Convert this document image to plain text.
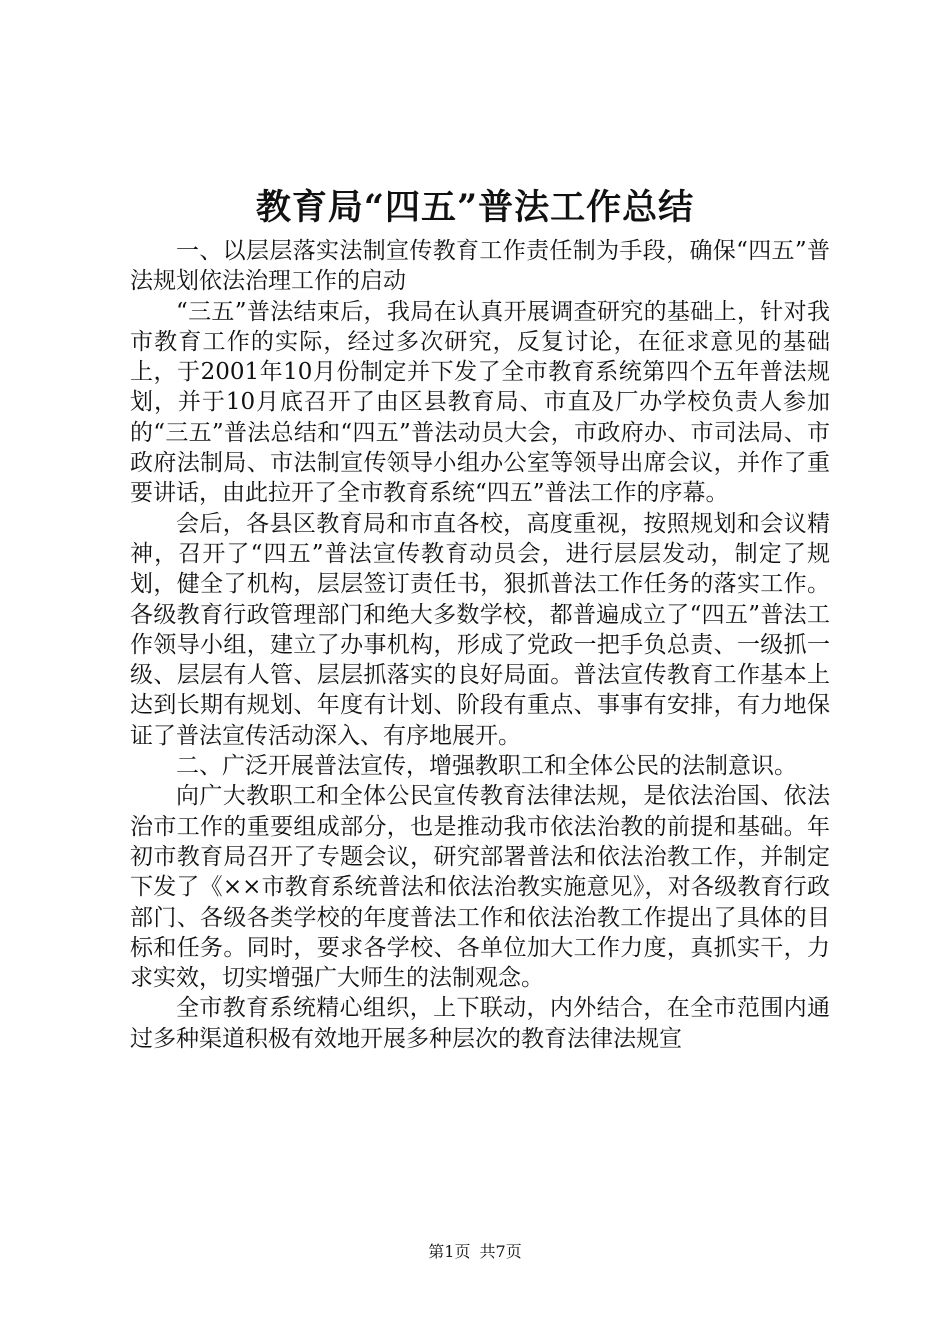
教育局“四五”普法工作总结

一、以层层落实法制宣传教育工作责任制为手段，确保“四五”普法规划依法治理工作的启动

“三五”普法结束后，我局在认真开展调查研究的基础上，针对我市教育工作的实际，经过多次研究，反复讨论，在征求意见的基础上，于2001年10月份制定并下发了全市教育系统第四个五年普法规划，并于10月底召开了由区县教育局、市直及厂办学校负责人参加的“三五”普法总结和“四五”普法动员大会，市政府办、市司法局、市政府法制局、市法制宣传领导小组办公室等领导出席会议，并作了重要讲话，由此拉开了全市教育系统“四五”普法工作的序幕。

会后，各县区教育局和市直各校，高度重视，按照规划和会议精神，召开了“四五”普法宣传教育动员会，进行层层发动，制定了规划，健全了机构，层层签订责任书，狠抓普法工作任务的落实工作。各级教育行政管理部门和绝大多数学校，都普遍成立了“四五”普法工作领导小组，建立了办事机构，形成了党政一把手负总责、一级抓一级、层层有人管、层层抓落实的良好局面。普法宣传教育工作基本上达到长期有规划、年度有计划、阶段有重点、事事有安排，有力地保证了普法宣传活动深入、有序地展开。

二、广泛开展普法宣传，增强教职工和全体公民的法制意识。

向广大教职工和全体公民宣传教育法律法规，是依法治国、依法治市工作的重要组成部分，也是推动我市依法治教的前提和基础。年初市教育局召开了专题会议，研究部署普法和依法治教工作，并制定下发了《××市教育系统普法和依法治教实施意见》，对各级教育行政部门、各级各类学校的年度普法工作和依法治教工作提出了具体的目标和任务。同时，要求各学校、各单位加大工作力度，真抓实干，力求实效，切实增强广大师生的法制观念。

全市教育系统精心组织，上下联动，内外结合，在全市范围内通过多种渠道积极有效地开展多种层次的教育法律法规宣

第1页 共7页
